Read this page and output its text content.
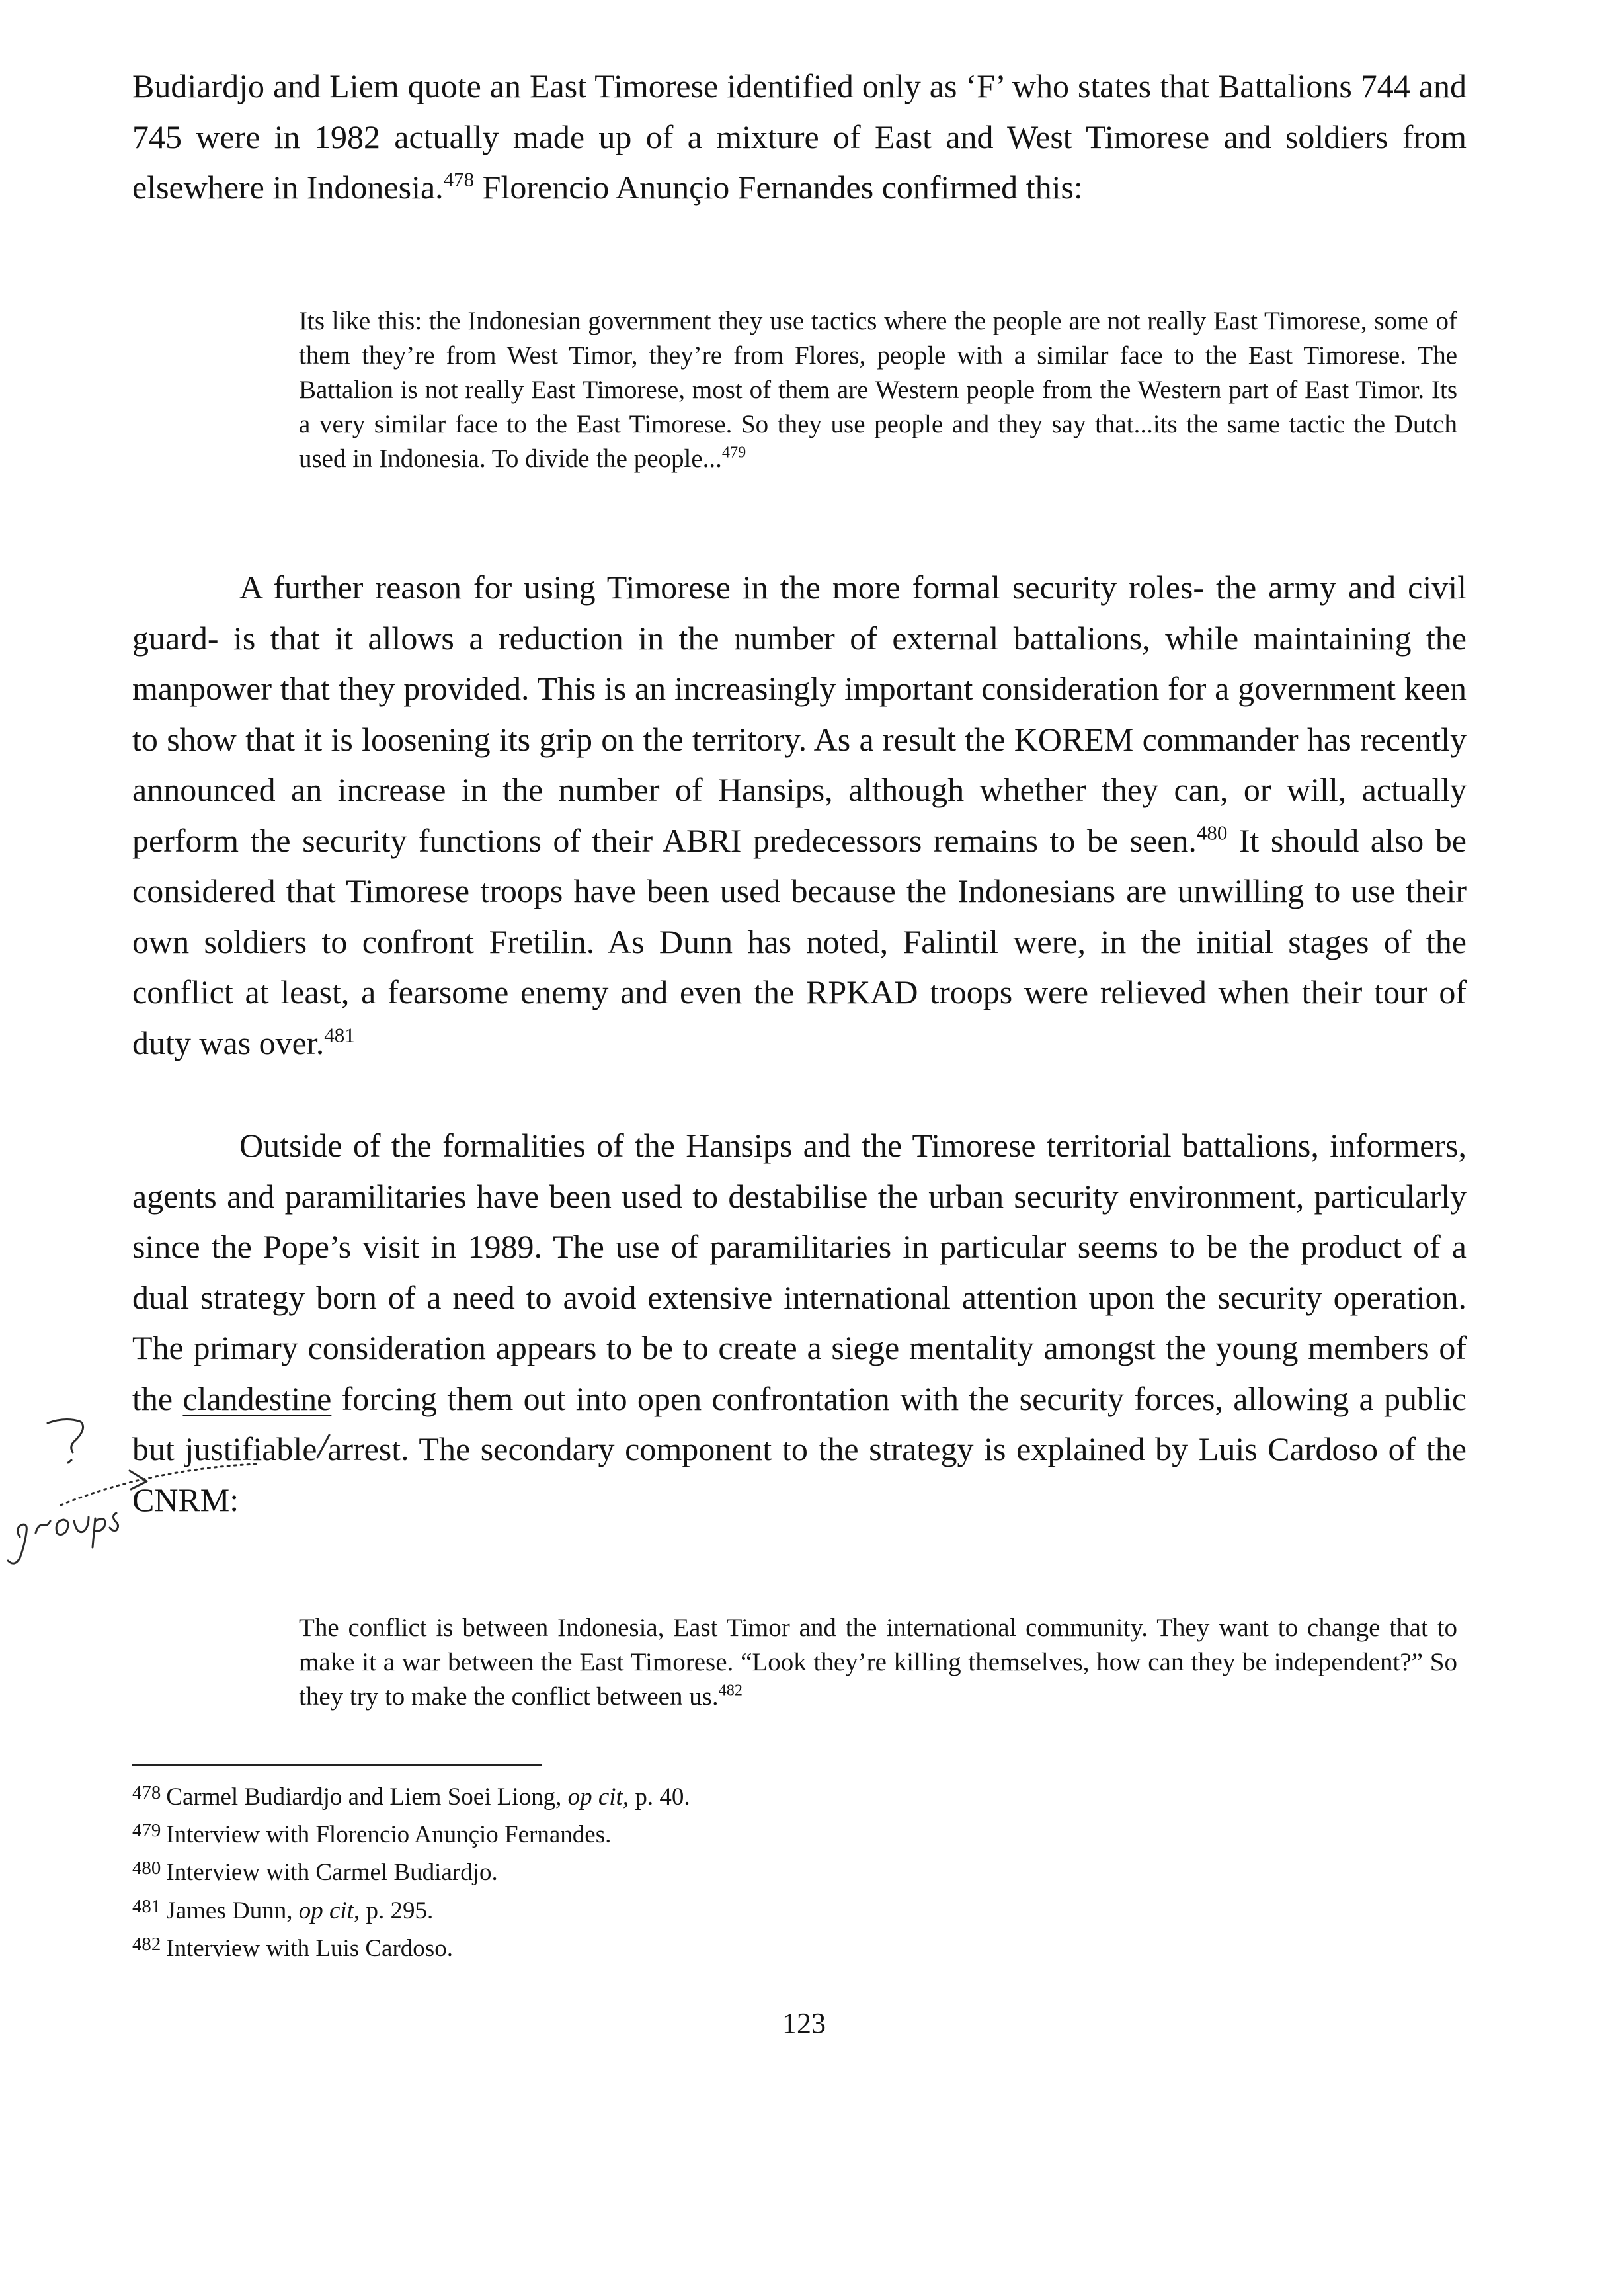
Budiardjo and Liem quote an East Timorese identified only as ‘F’ who states that Battalions 744 and 745 were in 1982 actually made up of a mixture of East and West Timorese and soldiers from elsewhere in Indonesia.$^{478}$ Florencio Anunçio Fernandes confirmed this:

Its like this: the Indonesian government they use tactics where the people are not really East Timorese, some of them they’re from West Timor, they’re from Flores, people with a similar face to the East Timorese. The Battalion is not really East Timorese, most of them are Western people from the Western part of East Timor. Its a very similar face to the East Timorese. So they use people and they say that...its the same tactic the Dutch used in Indonesia. To divide the people...$^{479}$

A further reason for using Timorese in the more formal security roles- the army and civil guard- is that it allows a reduction in the number of external battalions, while maintaining the manpower that they provided. This is an increasingly important consideration for a government keen to show that it is loosening its grip on the territory. As a result the KOREM commander has recently announced an increase in the number of Hansips, although whether they can, or will, actually perform the security functions of their ABRI predecessors remains to be seen.$^{480}$ It should also be considered that Timorese troops have been used because the Indonesians are unwilling to use their own soldiers to confront Fretilin. As Dunn has noted, Falintil were, in the initial stages of the conflict at least, a fearsome enemy and even the RPKAD troops were relieved when their tour of duty was over.$^{481}$

Outside of the formalities of the Hansips and the Timorese territorial battalions, informers, agents and paramilitaries have been used to destabilise the urban security environment, particularly since the Pope’s visit in 1989. The use of paramilitaries in particular seems to be the product of a dual strategy born of a need to avoid extensive international attention upon the security operation. The primary consideration appears to be to create a siege mentality amongst the young members of the clandestine forcing them out into open confrontation with the security forces, allowing a public but justifiable arrest. The secondary component to the strategy is explained by Luis Cardoso of the CNRM:

The conflict is between Indonesia, East Timor and the international community. They want to change that to make it a war between the East Timorese. “Look they’re killing themselves, how can they be independent?” So they try to make the conflict between us.$^{482}$

$^{478}$ Carmel Budiardjo and Liem Soei Liong, op cit, p. 40.
$^{479}$ Interview with Florencio Anunçio Fernandes.
$^{480}$ Interview with Carmel Budiardjo.
$^{481}$ James Dunn, op cit, p. 295.
$^{482}$ Interview with Luis Cardoso.
123
